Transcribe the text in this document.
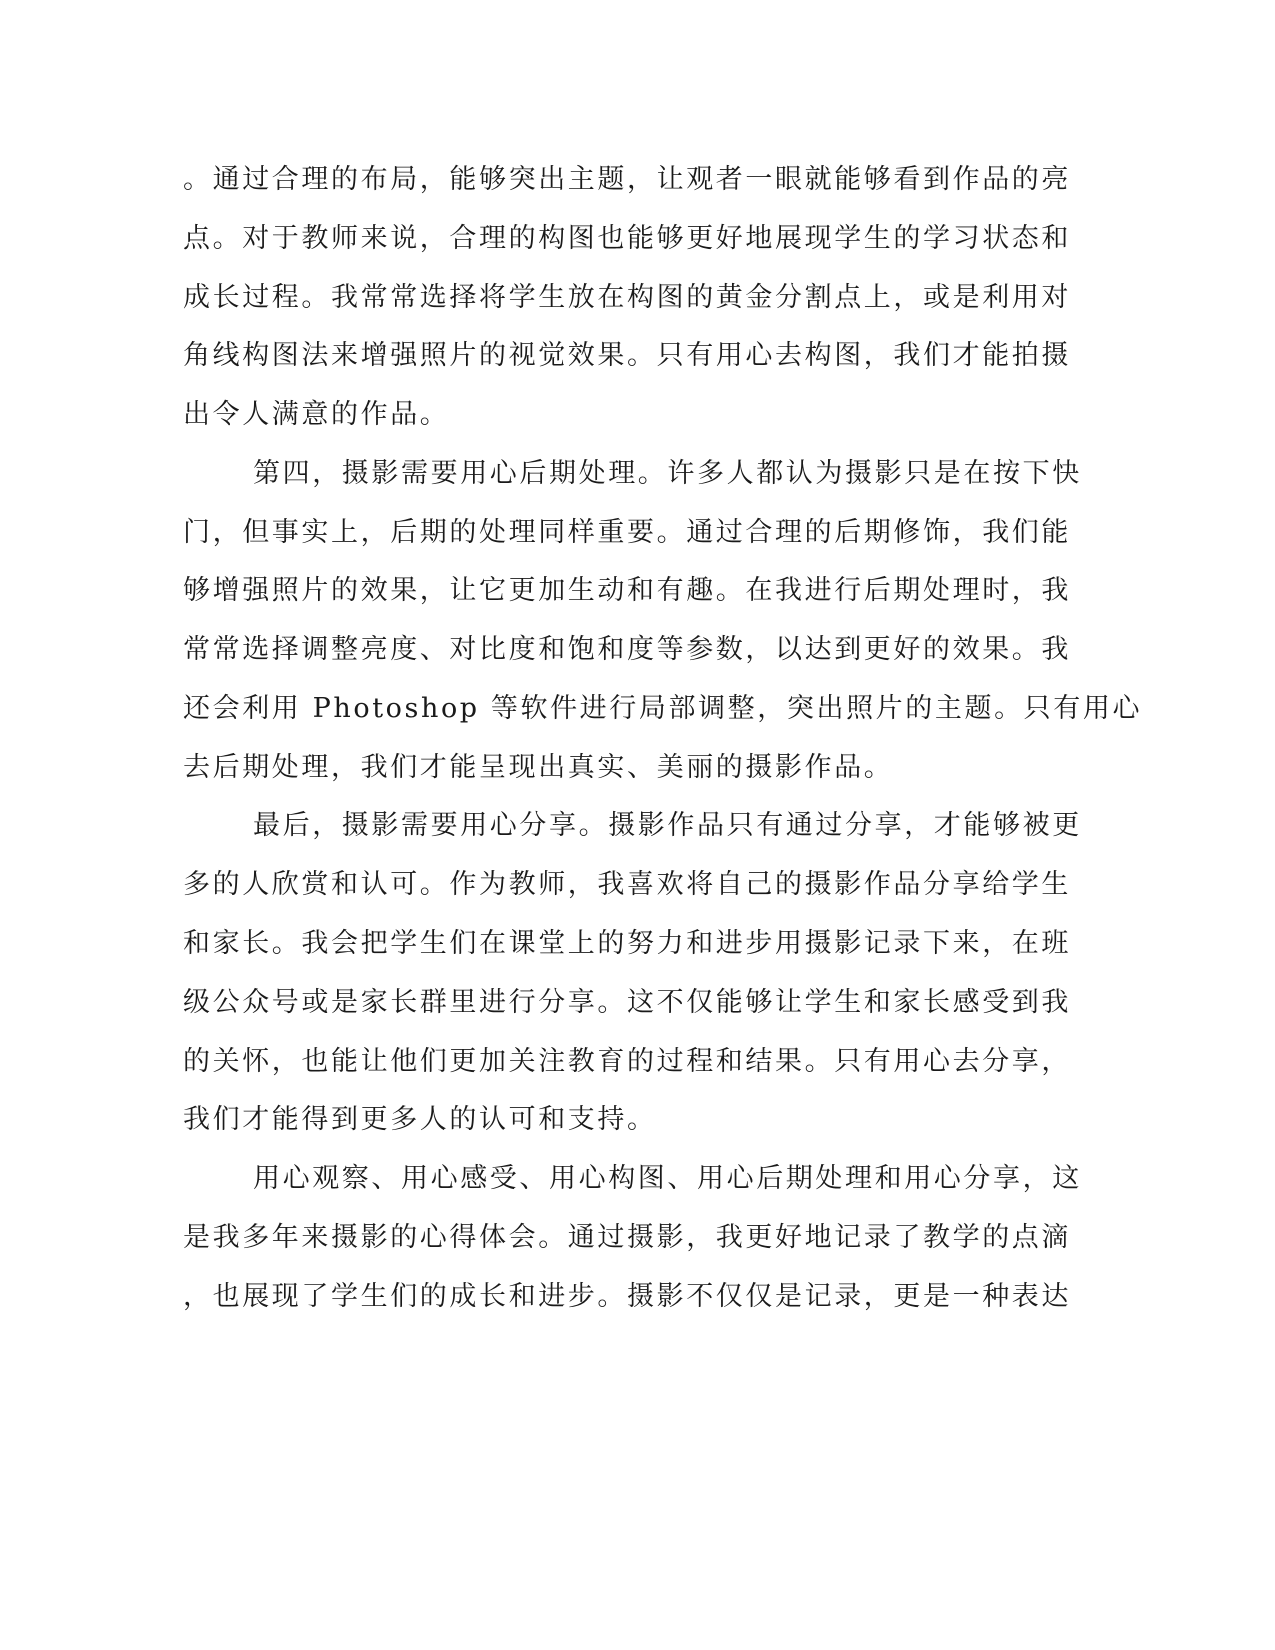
。通过合理的布局，能够突出主题，让观者一眼就能够看到作品的亮
点。对于教师来说，合理的构图也能够更好地展现学生的学习状态和
成长过程。我常常选择将学生放在构图的黄金分割点上，或是利用对
角线构图法来增强照片的视觉效果。只有用心去构图，我们才能拍摄
出令人满意的作品。
第四，摄影需要用心后期处理。许多人都认为摄影只是在按下快
门，但事实上，后期的处理同样重要。通过合理的后期修饰，我们能
够增强照片的效果，让它更加生动和有趣。在我进行后期处理时，我
常常选择调整亮度、对比度和饱和度等参数，以达到更好的效果。我
还会利用 Photoshop 等软件进行局部调整，突出照片的主题。只有用心
去后期处理，我们才能呈现出真实、美丽的摄影作品。
最后，摄影需要用心分享。摄影作品只有通过分享，才能够被更
多的人欣赏和认可。作为教师，我喜欢将自己的摄影作品分享给学生
和家长。我会把学生们在课堂上的努力和进步用摄影记录下来，在班
级公众号或是家长群里进行分享。这不仅能够让学生和家长感受到我
的关怀，也能让他们更加关注教育的过程和结果。只有用心去分享，
我们才能得到更多人的认可和支持。
用心观察、用心感受、用心构图、用心后期处理和用心分享，这
是我多年来摄影的心得体会。通过摄影，我更好地记录了教学的点滴
，也展现了学生们的成长和进步。摄影不仅仅是记录，更是一种表达
